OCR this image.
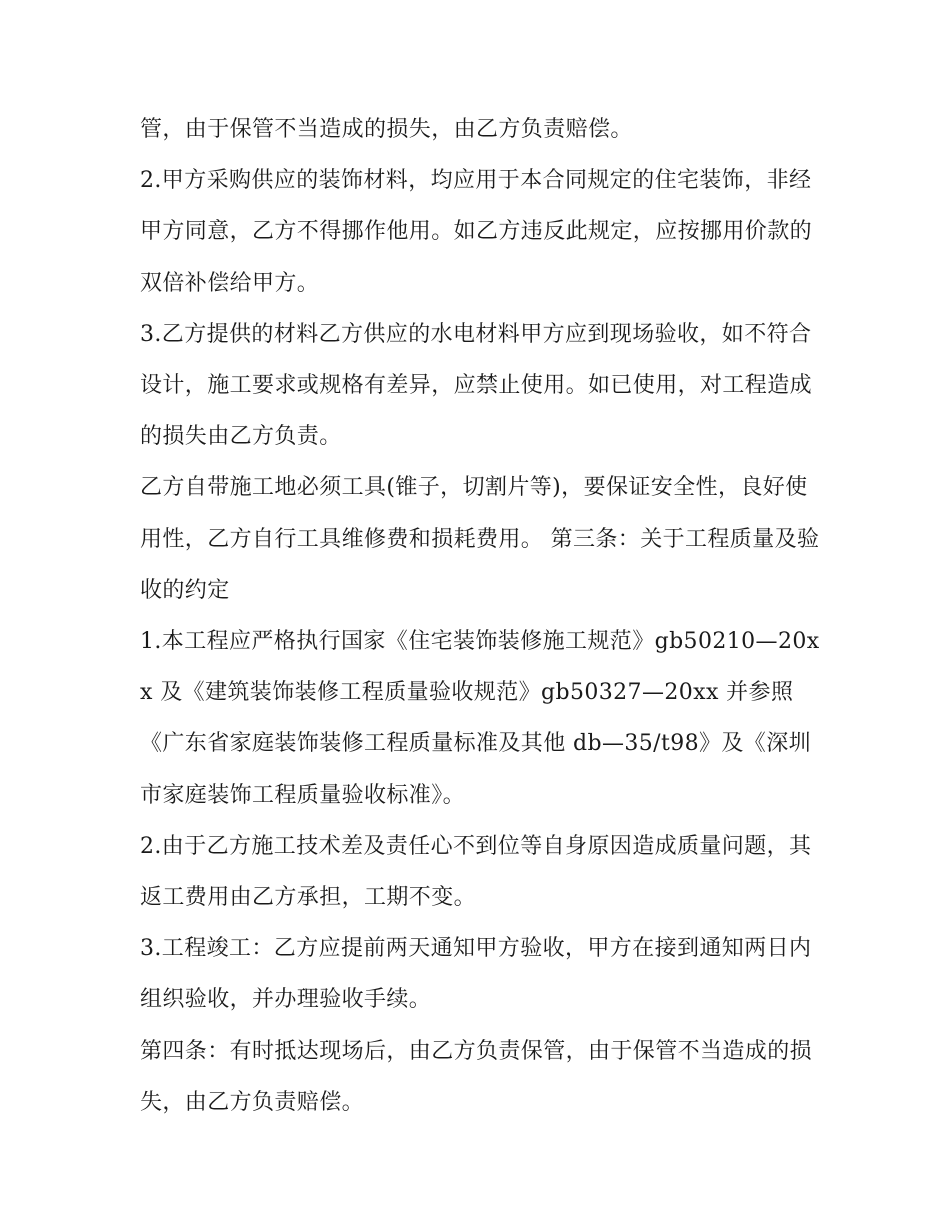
管，由于保管不当造成的损失，由乙方负责赔偿。

2.甲方采购供应的装饰材料，均应用于本合同规定的住宅装饰，非经甲方同意，乙方不得挪作他用。如乙方违反此规定，应按挪用价款的双倍补偿给甲方。

3.乙方提供的材料乙方供应的水电材料甲方应到现场验收，如不符合设计，施工要求或规格有差异，应禁止使用。如已使用，对工程造成的损失由乙方负责。

乙方自带施工地必须工具(锥子，切割片等)，要保证安全性，良好使用性，乙方自行工具维修费和损耗费用。 第三条：关于工程质量及验收的约定

1.本工程应严格执行国家《住宅装饰装修施工规范》gb50210—20xx 及《建筑装饰装修工程质量验收规范》gb50327—20xx 并参照《广东省家庭装饰装修工程质量标准及其他 db—35/t98》及《深圳市家庭装饰工程质量验收标准》。

2.由于乙方施工技术差及责任心不到位等自身原因造成质量问题，其返工费用由乙方承担，工期不变。

3.工程竣工：乙方应提前两天通知甲方验收，甲方在接到通知两日内组织验收，并办理验收手续。

第四条：有时抵达现场后，由乙方负责保管，由于保管不当造成的损失，由乙方负责赔偿。
